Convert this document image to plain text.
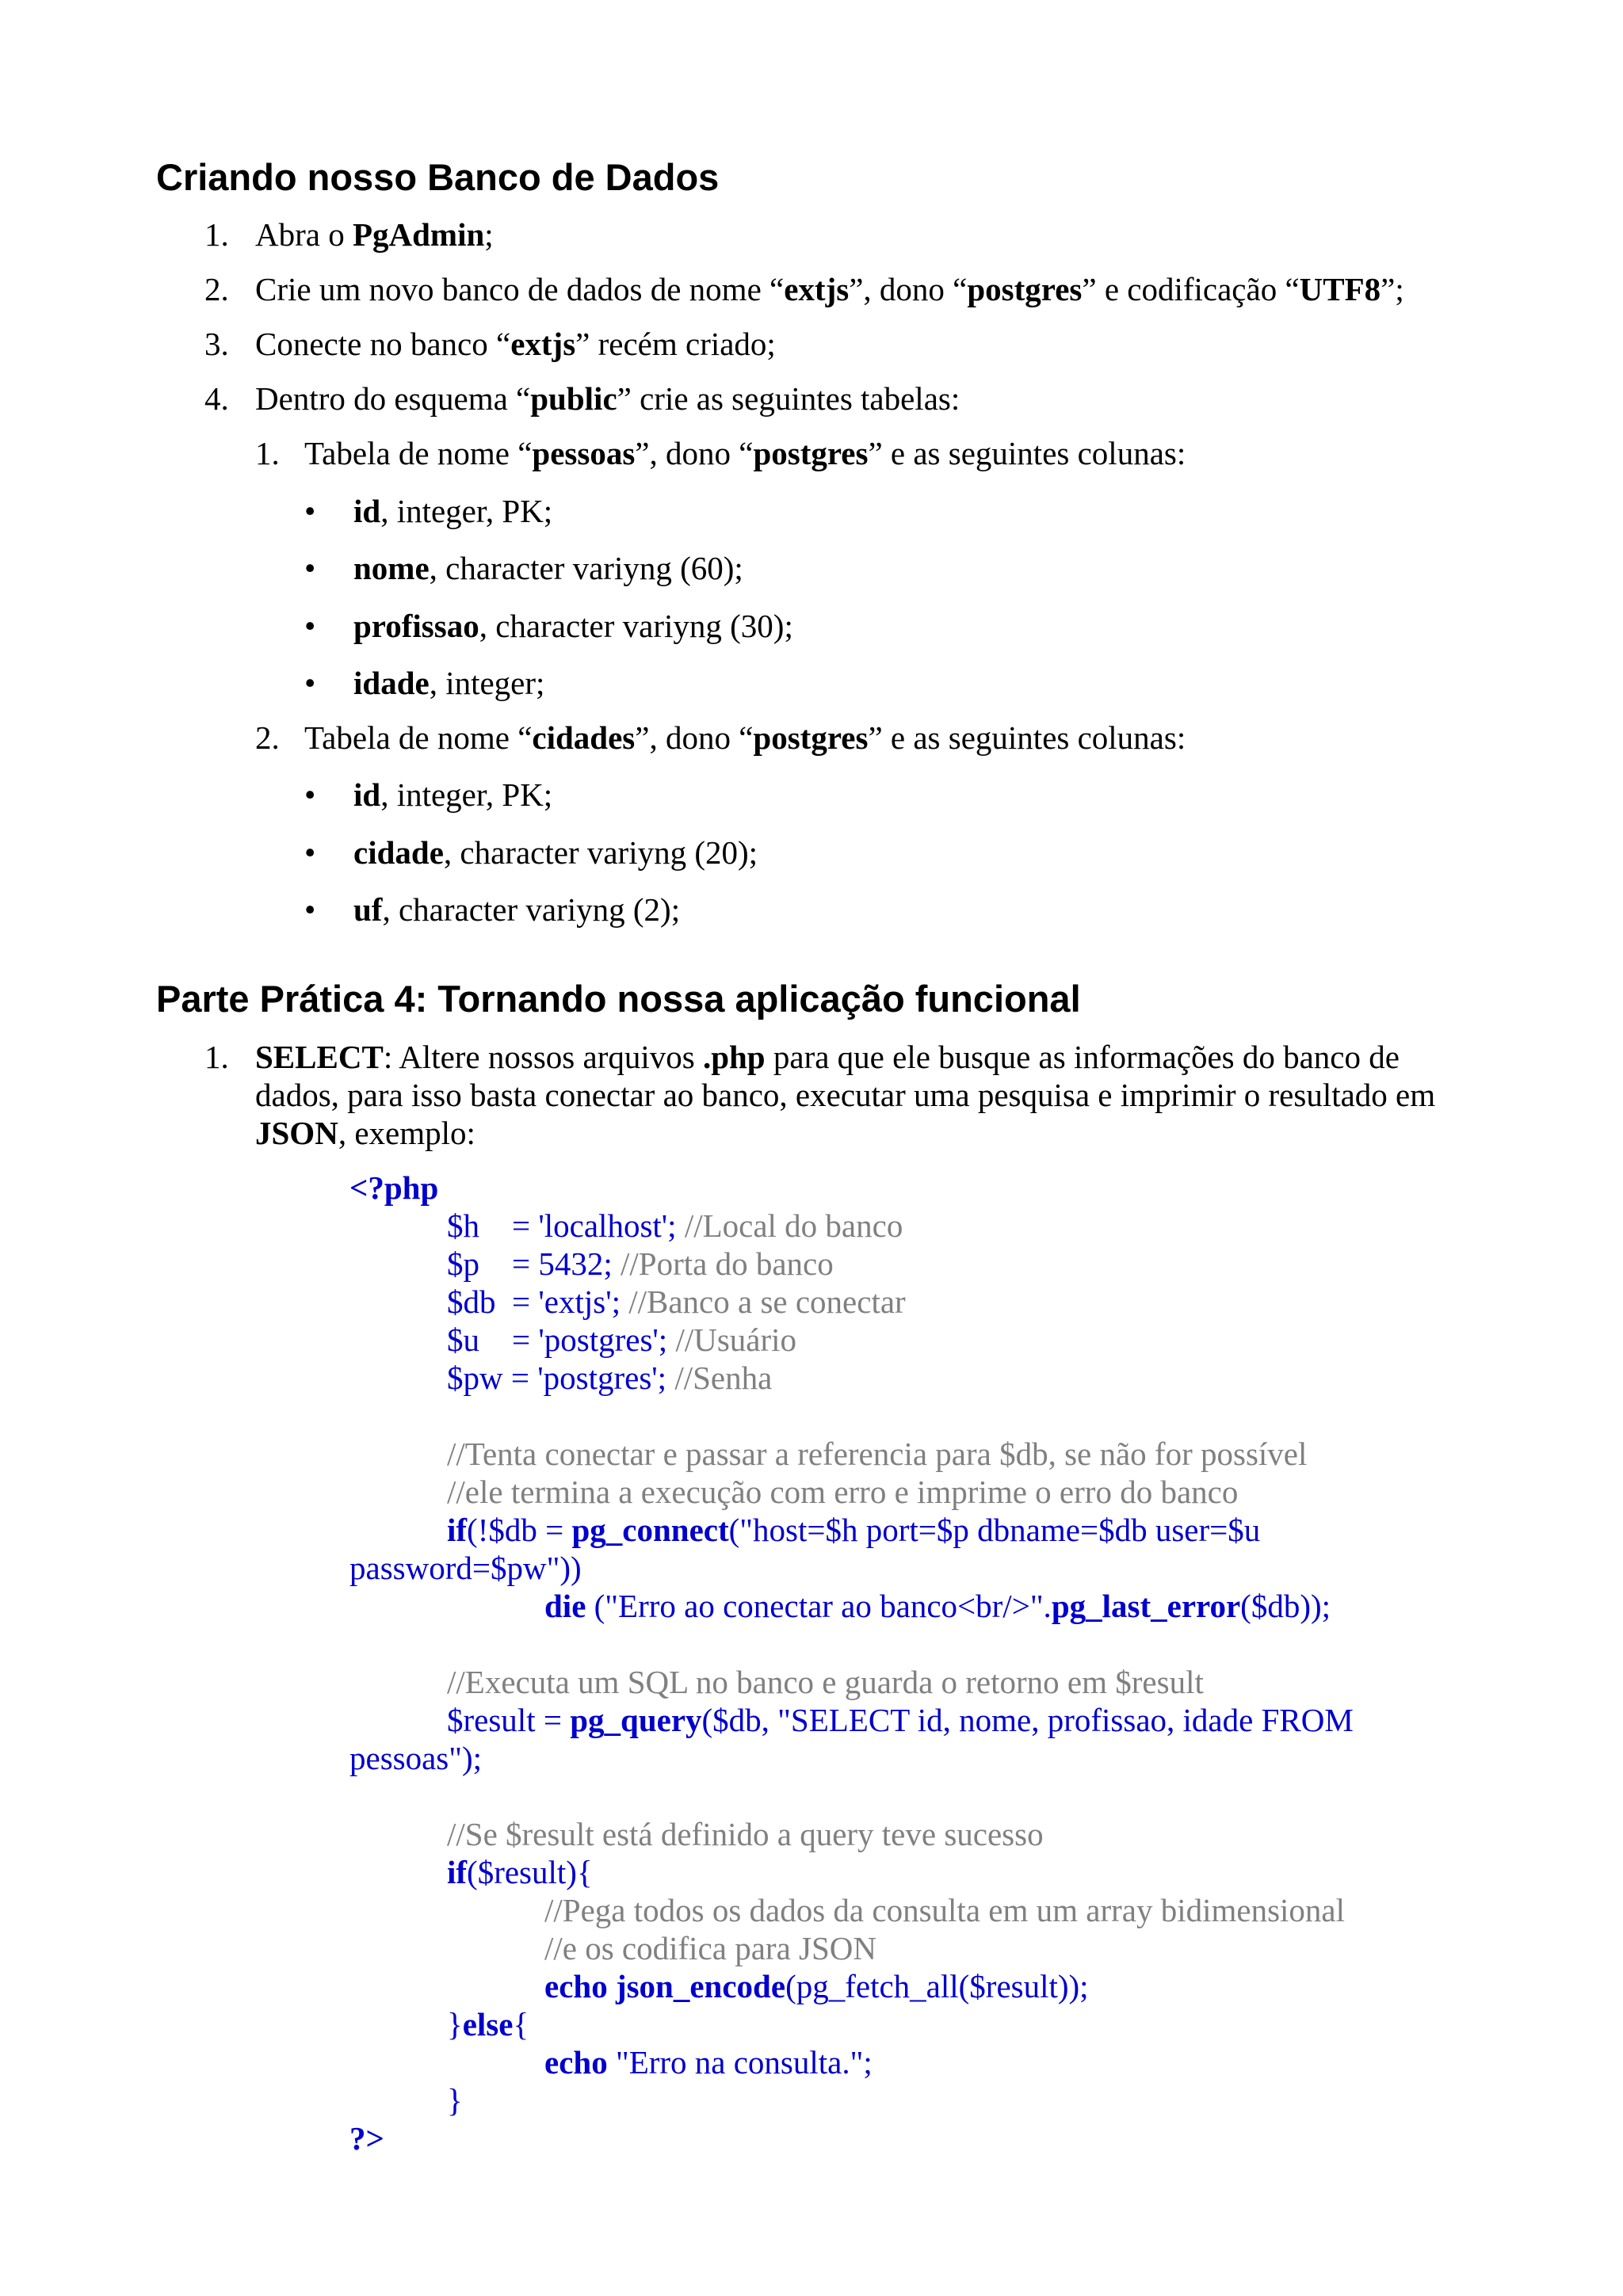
Criando nosso Banco de Dados
1. Abra o PgAdmin;
2. Crie um novo banco de dados de nome “extjs”, dono “postgres” e codificação “UTF8”;
3. Conecte no banco “extjs” recém criado;
4. Dentro do esquema “public” crie as seguintes tabelas:
1. Tabela de nome “pessoas”, dono “postgres” e as seguintes colunas:
• id, integer, PK;
• nome, character variyng (60);
• profissao, character variyng (30);
• idade, integer;
2. Tabela de nome “cidades”, dono “postgres” e as seguintes colunas:
• id, integer, PK;
• cidade, character variyng (20);
• uf, character variyng (2);
Parte Prática 4: Tornando nossa aplicação funcional
1. SELECT: Altere nossos arquivos .php para que ele busque as informações do banco de
dados, para isso basta conectar ao banco, executar uma pesquisa e imprimir o resultado em
JSON, exemplo:
<?php
$h    = 'localhost'; //Local do banco
$p    = 5432; //Porta do banco
$db  = 'extjs'; //Banco a se conectar
$u    = 'postgres'; //Usuário
$pw = 'postgres'; //Senha
//Tenta conectar e passar a referencia para $db, se não for possível
//ele termina a execução com erro e imprime o erro do banco
if(!$db = pg_connect("host=$h port=$p dbname=$db user=$u
password=$pw"))
die ("Erro ao conectar ao banco<br/>".pg_last_error($db));
//Executa um SQL no banco e guarda o retorno em $result
$result = pg_query($db, "SELECT id, nome, profissao, idade FROM
pessoas");
//Se $result está definido a query teve sucesso
if($result){
//Pega todos os dados da consulta em um array bidimensional
//e os codifica para JSON
echo json_encode(pg_fetch_all($result));
}else{
echo "Erro na consulta.";
}
?>
